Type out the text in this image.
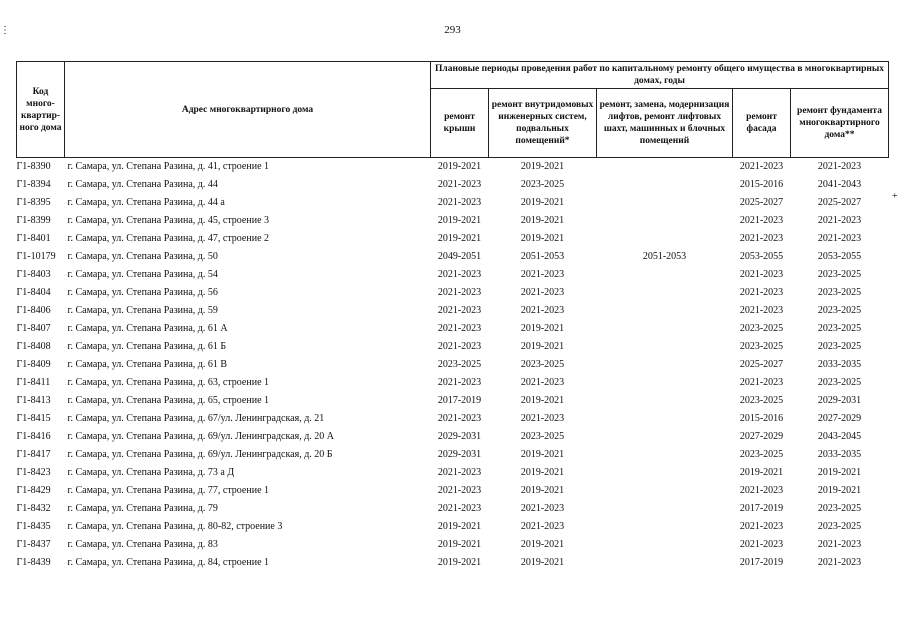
293
⋮
+
Код много-квартир-ного дома	Адрес многоквартирного дома	Плановые периоды проведения работ по капитальному ремонту общего имущества в многоквартирных домах, годы				
		ремонт крыши	ремонт внутридомовых инженерных систем, подвальных помещений*	ремонт, замена, модернизация лифтов, ремонт лифтовых шахт, машинных и блочных помещений	ремонт фасада	ремонт фундамента многоквартирного дома**
Г1-8390	г. Самара, ул. Степана Разина, д. 41, строение 1	2019-2021	2019-2021		2021-2023	2021-2023
Г1-8394	г. Самара, ул. Степана Разина, д. 44	2021-2023	2023-2025		2015-2016	2041-2043
Г1-8395	г. Самара, ул. Степана Разина, д. 44 а	2021-2023	2019-2021		2025-2027	2025-2027
Г1-8399	г. Самара, ул. Степана Разина, д. 45, строение 3	2019-2021	2019-2021		2021-2023	2021-2023
Г1-8401	г. Самара, ул. Степана Разина, д. 47, строение 2	2019-2021	2019-2021		2021-2023	2021-2023
Г1-10179	г. Самара, ул. Степана Разина, д. 50	2049-2051	2051-2053	2051-2053	2053-2055	2053-2055
Г1-8403	г. Самара, ул. Степана Разина, д. 54	2021-2023	2021-2023		2021-2023	2023-2025
Г1-8404	г. Самара, ул. Степана Разина, д. 56	2021-2023	2021-2023		2021-2023	2023-2025
Г1-8406	г. Самара, ул. Степана Разина, д. 59	2021-2023	2021-2023		2021-2023	2023-2025
Г1-8407	г. Самара, ул. Степана Разина, д. 61 А	2021-2023	2019-2021		2023-2025	2023-2025
Г1-8408	г. Самара, ул. Степана Разина, д. 61 Б	2021-2023	2019-2021		2023-2025	2023-2025
Г1-8409	г. Самара, ул. Степана Разина, д. 61 В	2023-2025	2023-2025		2025-2027	2033-2035
Г1-8411	г. Самара, ул. Степана Разина, д. 63, строение 1	2021-2023	2021-2023		2021-2023	2023-2025
Г1-8413	г. Самара, ул. Степана Разина, д. 65, строение 1	2017-2019	2019-2021		2023-2025	2029-2031
Г1-8415	г. Самара, ул. Степана Разина, д. 67/ул. Ленинградская, д. 21	2021-2023	2021-2023		2015-2016	2027-2029
Г1-8416	г. Самара, ул. Степана Разина, д. 69/ул. Ленинградская, д. 20 А	2029-2031	2023-2025		2027-2029	2043-2045
Г1-8417	г. Самара, ул. Степана Разина, д. 69/ул. Ленинградская, д. 20 Б	2029-2031	2019-2021		2023-2025	2033-2035
Г1-8423	г. Самара, ул. Степана Разина, д. 73 а Д	2021-2023	2019-2021		2019-2021	2019-2021
Г1-8429	г. Самара, ул. Степана Разина, д. 77, строение 1	2021-2023	2019-2021		2021-2023	2019-2021
Г1-8432	г. Самара, ул. Степана Разина, д. 79	2021-2023	2021-2023		2017-2019	2023-2025
Г1-8435	г. Самара, ул. Степана Разина, д. 80-82, строение 3	2019-2021	2021-2023		2021-2023	2023-2025
Г1-8437	г. Самара, ул. Степана Разина, д. 83	2019-2021	2019-2021		2021-2023	2021-2023
Г1-8439	г. Самара, ул. Степана Разина, д. 84, строение 1	2019-2021	2019-2021		2017-2019	2021-2023
